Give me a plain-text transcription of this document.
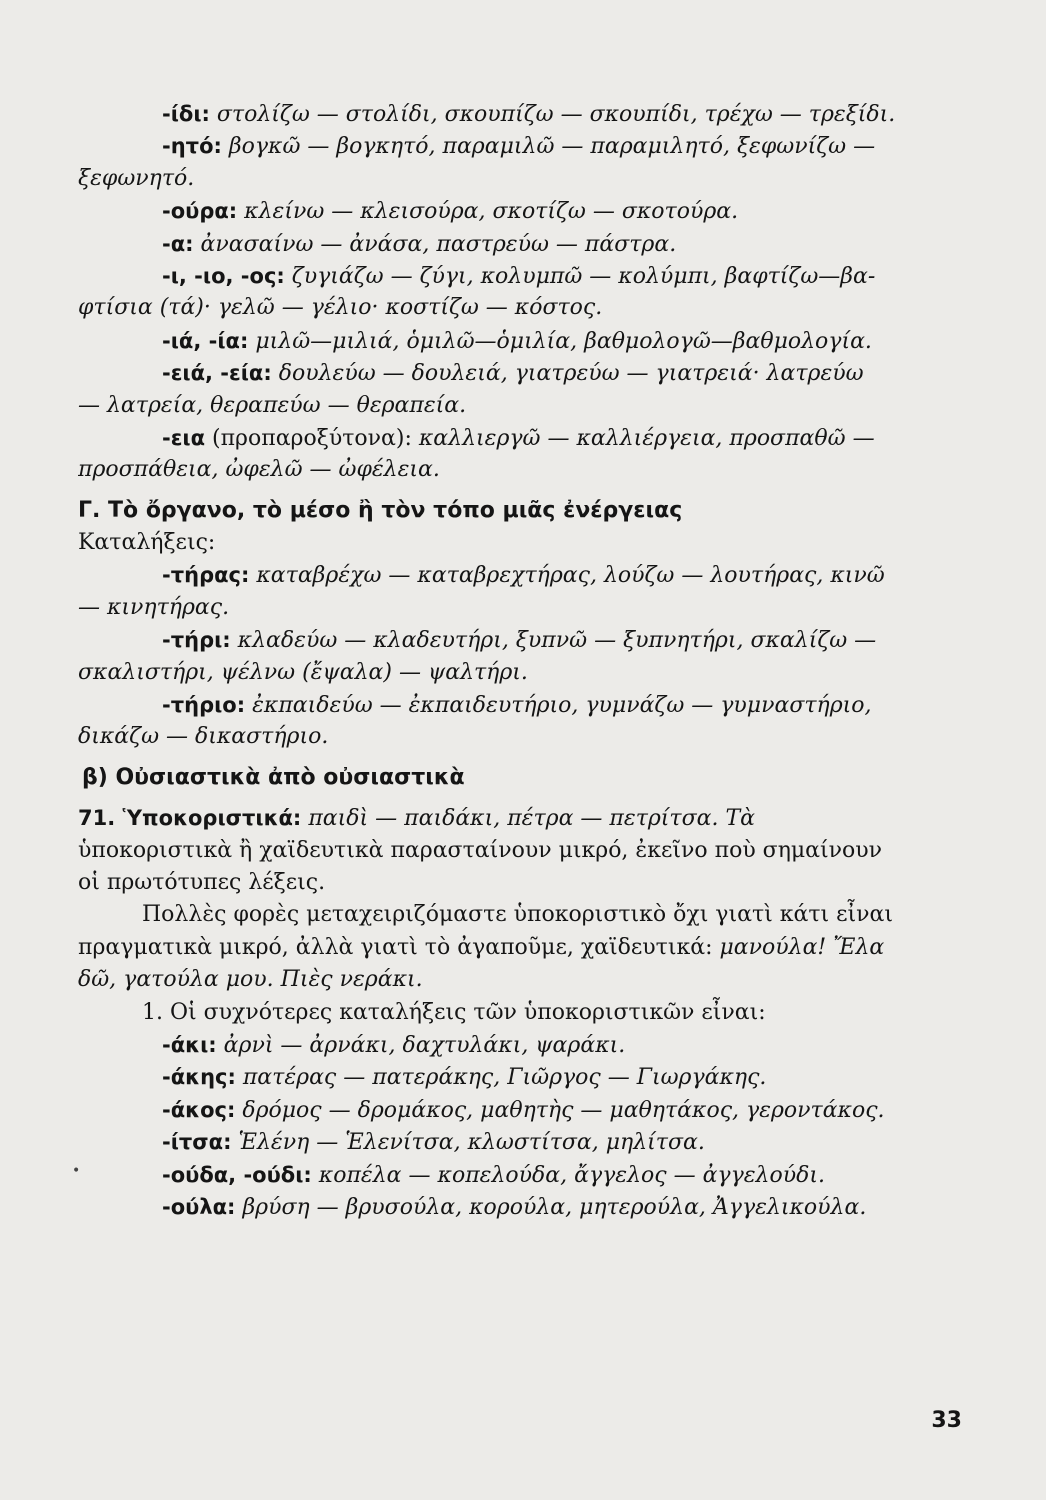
-ίδι: στολίζω — στολίδι, σκουπίζω — σκουπίδι, τρέχω — τρεξίδι.
-ητό: βογκῶ — βογκητό, παραμιλῶ — παραμιλητό, ξεφωνίζω —
ξεφωνητό.
-ούρα: κλείνω — κλεισούρα, σκοτίζω — σκοτούρα.
-α: ἀνασαίνω — ἀνάσα, παστρεύω — πάστρα.
-ι, -ιο, -ος: ζυγιάζω — ζύγι, κολυμπῶ — κολύμπι, βαφτίζω—βα-
φτίσια (τά)· γελῶ — γέλιο· κοστίζω — κόστος.
-ιά, -ία: μιλῶ—μιλιά, ὁμιλῶ—ὁμιλία, βαθμολογῶ—βαθμολογία.
-ειά, -εία: δουλεύω — δουλειά, γιατρεύω — γιατρειά· λατρεύω
— λατρεία, θεραπεύω — θεραπεία.
-εια (προπαροξύτονα): καλλιεργῶ — καλλιέργεια, προσπαθῶ —
προσπάθεια, ὠφελῶ — ὠφέλεια.
Γ. Τὸ ὄργανο, τὸ μέσο ἢ τὸν τόπο μιᾶς ἐνέργειας
Καταλήξεις:
-τήρας: καταβρέχω — καταβρεχτήρας, λούζω — λουτήρας, κινῶ
— κινητήρας.
-τήρι: κλαδεύω — κλαδευτήρι, ξυπνῶ — ξυπνητήρι, σκαλίζω —
σκαλιστήρι, ψέλνω (ἔψαλα) — ψαλτήρι.
-τήριο: ἐκπαιδεύω — ἐκπαιδευτήριο, γυμνάζω — γυμναστήριο,
δικάζω — δικαστήριο.
β) Οὐσιαστικὰ ἀπὸ οὐσιαστικὰ
71. Ὑποκοριστικά: παιδὶ — παιδάκι, πέτρα — πετρίτσα. Τὰ
ὑποκοριστικὰ ἢ χαϊδευτικὰ παρασταίνουν μικρό, ἐκεῖνο ποὺ σημαίνουν
οἱ πρωτότυπες λέξεις.
Πολλὲς φορὲς μεταχειριζόμαστε ὑποκοριστικὸ ὄχι γιατὶ κάτι εἶναι
πραγματικὰ μικρό, ἀλλὰ γιατὶ τὸ ἀγαποῦμε, χαϊδευτικά: μανούλα! Ἔλα
δῶ, γατούλα μου. Πιὲς νεράκι.
1. Οἱ συχνότερες καταλήξεις τῶν ὑποκοριστικῶν εἶναι:
-άκι: ἀρνὶ — ἀρνάκι, δαχτυλάκι, ψαράκι.
-άκης: πατέρας — πατεράκης, Γιῶργος — Γιωργάκης.
-άκος: δρόμος — δρομάκος, μαθητὴς — μαθητάκος, γεροντάκος.
-ίτσα: Ἑλένη — Ἑλενίτσα, κλωστίτσα, μηλίτσα.
-ούδα, -ούδι: κοπέλα — κοπελούδα, ἄγγελος — ἀγγελούδι.
-ούλα: βρύση — βρυσούλα, κορούλα, μητερούλα, Ἀγγελικούλα.
•
33
